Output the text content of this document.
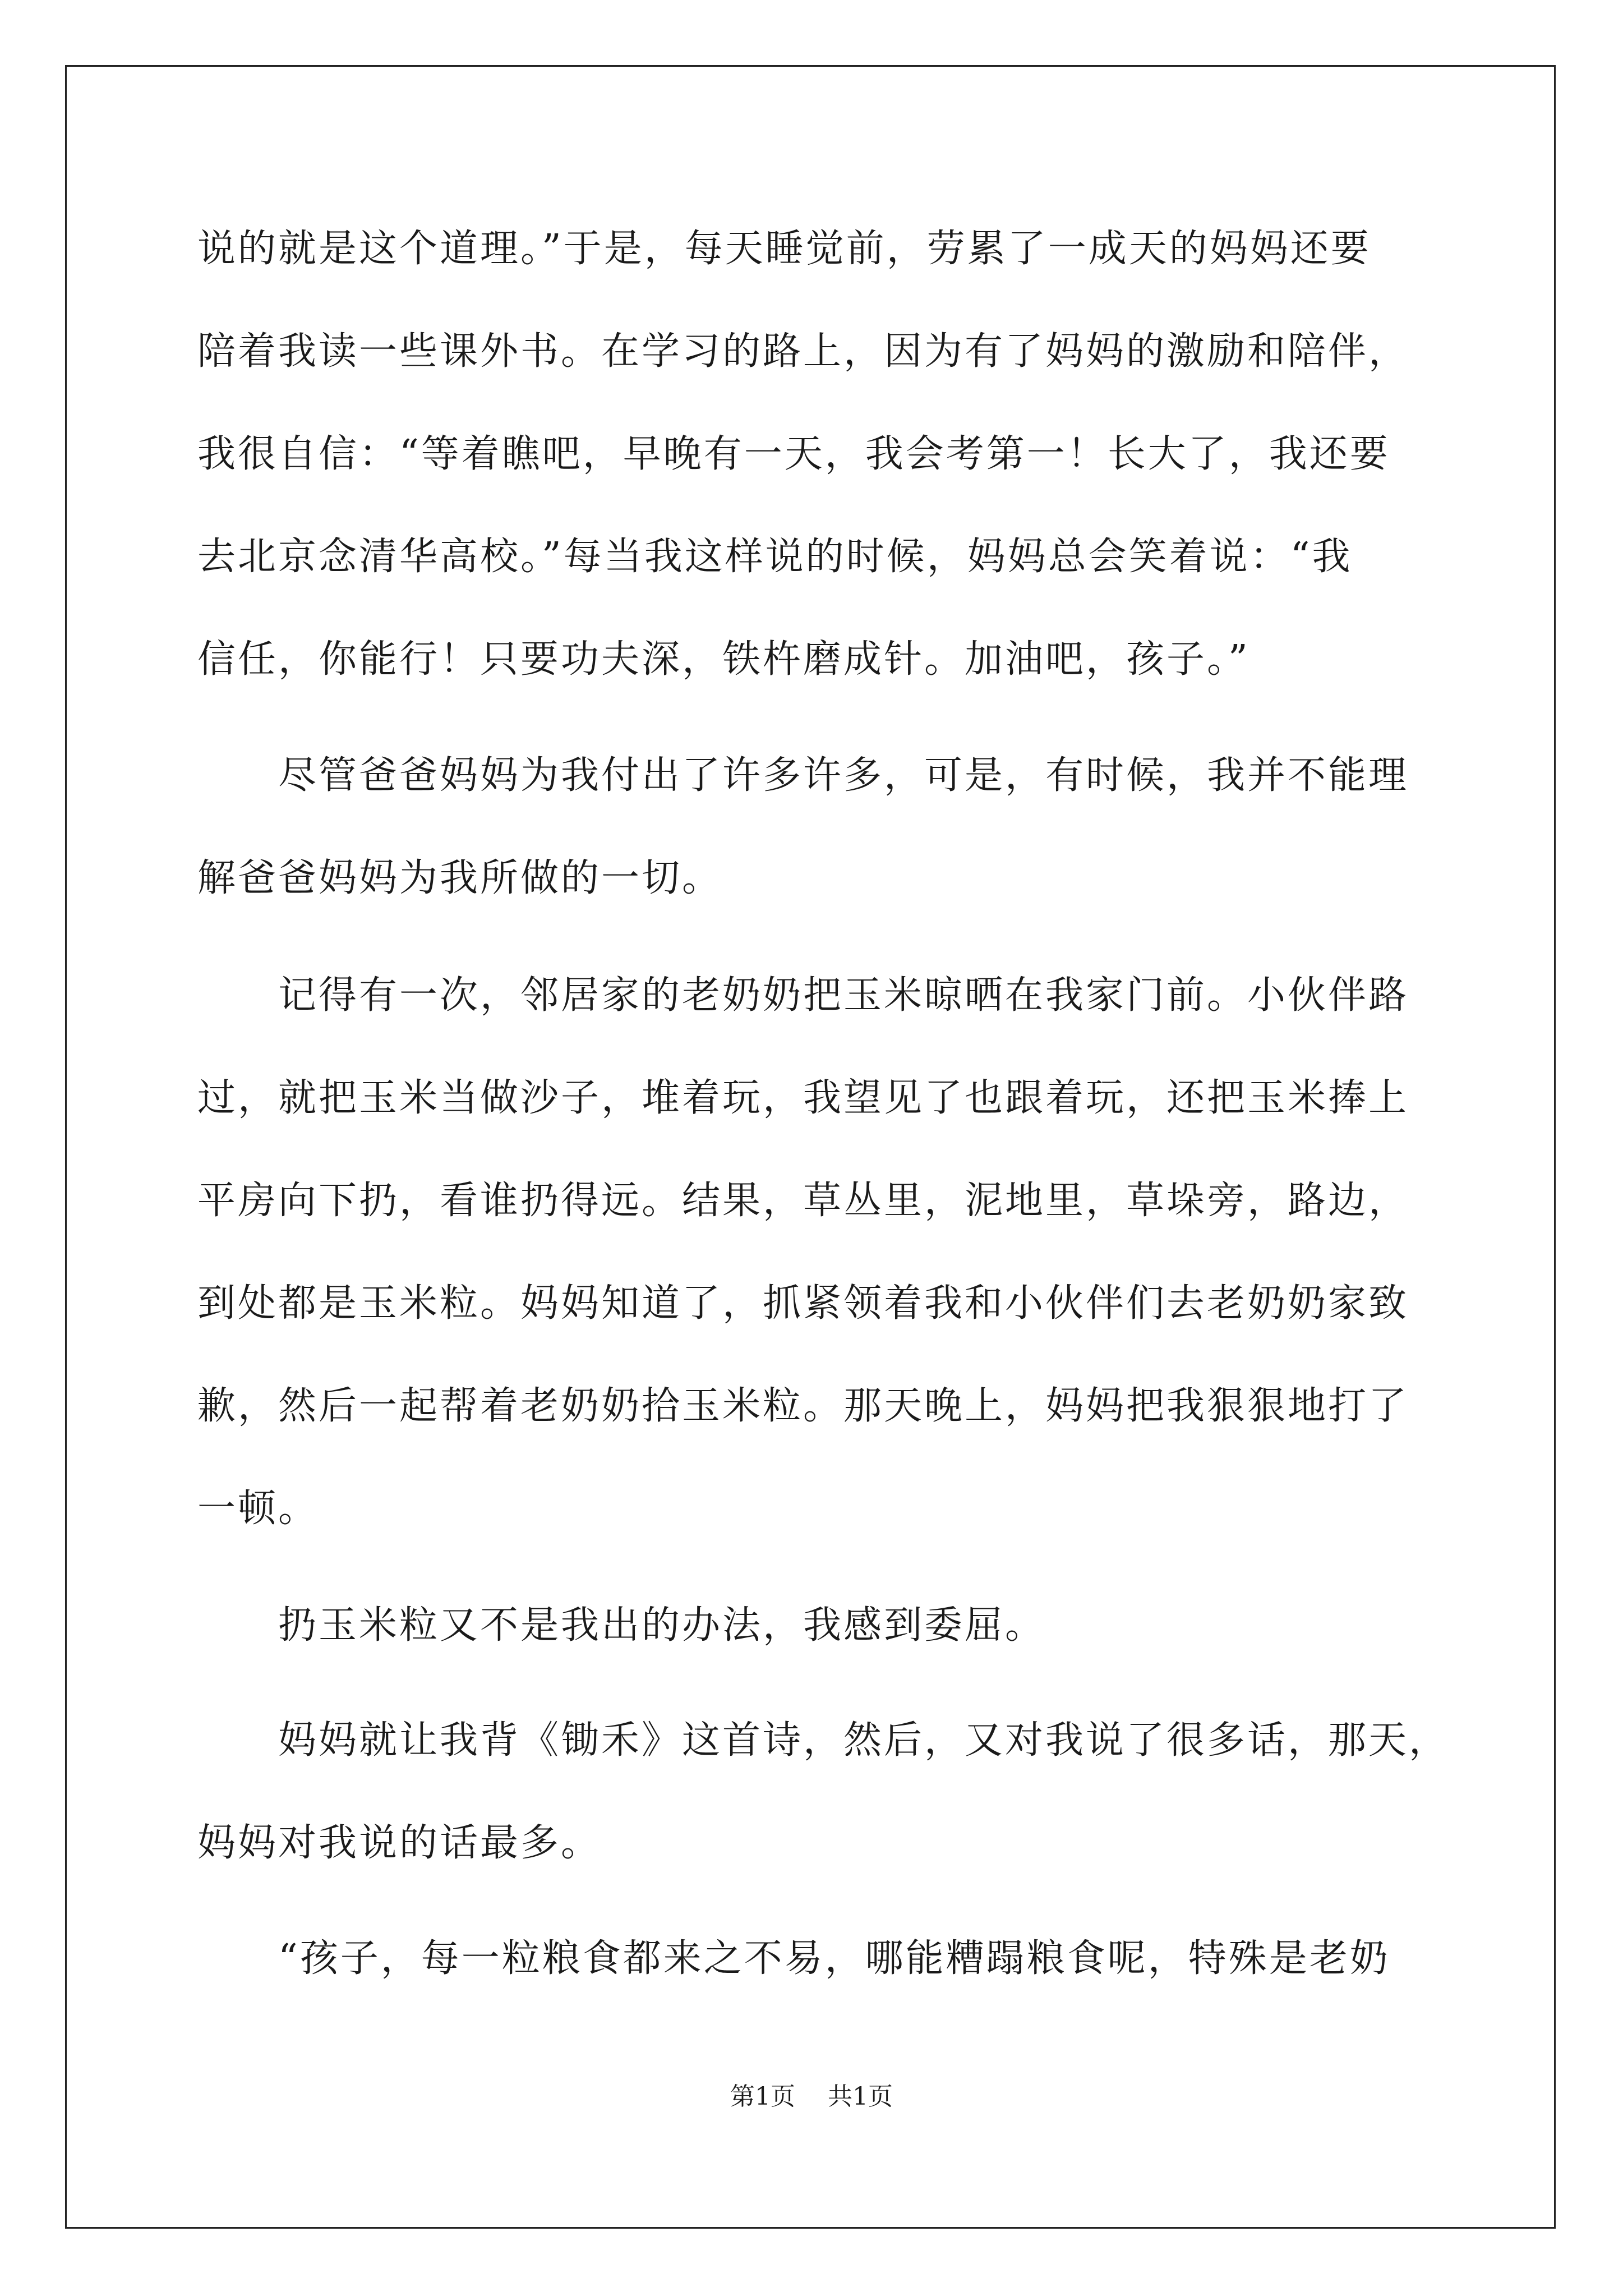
说的就是这个道理。”于是，每天睡觉前，劳累了一成天的妈妈还要
陪着我读一些课外书。在学习的路上，因为有了妈妈的激励和陪伴，
我很自信：“等着瞧吧，早晚有一天，我会考第一！长大了，我还要
去北京念清华高校。”每当我这样说的时候，妈妈总会笑着说：“我
信任，你能行！只要功夫深，铁杵磨成针。加油吧，孩子。”
　　尽管爸爸妈妈为我付出了许多许多，可是，有时候，我并不能理
解爸爸妈妈为我所做的一切。
　　记得有一次，邻居家的老奶奶把玉米晾晒在我家门前。小伙伴路
过，就把玉米当做沙子，堆着玩，我望见了也跟着玩，还把玉米捧上
平房向下扔，看谁扔得远。结果，草丛里，泥地里，草垛旁，路边，
到处都是玉米粒。妈妈知道了，抓紧领着我和小伙伴们去老奶奶家致
歉，然后一起帮着老奶奶拾玉米粒。那天晚上，妈妈把我狠狠地打了
一顿。
　　扔玉米粒又不是我出的办法，我感到委屈。
　　妈妈就让我背《锄禾》这首诗，然后，又对我说了很多话，那天，
妈妈对我说的话最多。
　　“孩子，每一粒粮食都来之不易，哪能糟蹋粮食呢，特殊是老奶
第1页 共1页
